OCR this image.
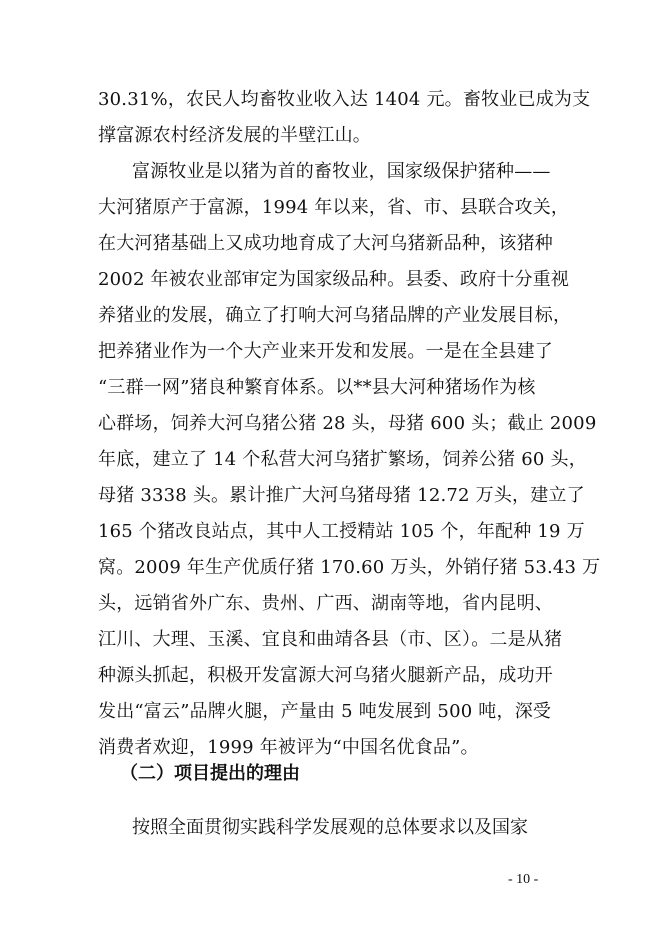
30.31%，农民人均畜牧业收入达 1404 元。畜牧业已成为支
撑富源农村经济发展的半壁江山。
富源牧业是以猪为首的畜牧业，国家级保护猪种——
大河猪原产于富源，1994 年以来，省、市、县联合攻关，
在大河猪基础上又成功地育成了大河乌猪新品种，该猪种
2002 年被农业部审定为国家级品种。县委、政府十分重视
养猪业的发展，确立了打响大河乌猪品牌的产业发展目标，
把养猪业作为一个大产业来开发和发展。一是在全县建了
“三群一网”猪良种繁育体系。以**县大河种猪场作为核
心群场，饲养大河乌猪公猪 28 头，母猪 600 头；截止 2009
年底，建立了 14 个私营大河乌猪扩繁场，饲养公猪 60 头，
母猪 3338 头。累计推广大河乌猪母猪 12.72 万头，建立了
165 个猪改良站点，其中人工授精站 105 个，年配种 19 万
窝。2009 年生产优质仔猪 170.60 万头，外销仔猪 53.43 万
头，远销省外广东、贵州、广西、湖南等地，省内昆明、
江川、大理、玉溪、宜良和曲靖各县（市、区）。二是从猪
种源头抓起，积极开发富源大河乌猪火腿新产品，成功开
发出“富云”品牌火腿，产量由 5 吨发展到 500 吨，深受
消费者欢迎，1999 年被评为“中国名优食品”。
（二）项目提出的理由
按照全面贯彻实践科学发展观的总体要求以及国家
- 10 -
